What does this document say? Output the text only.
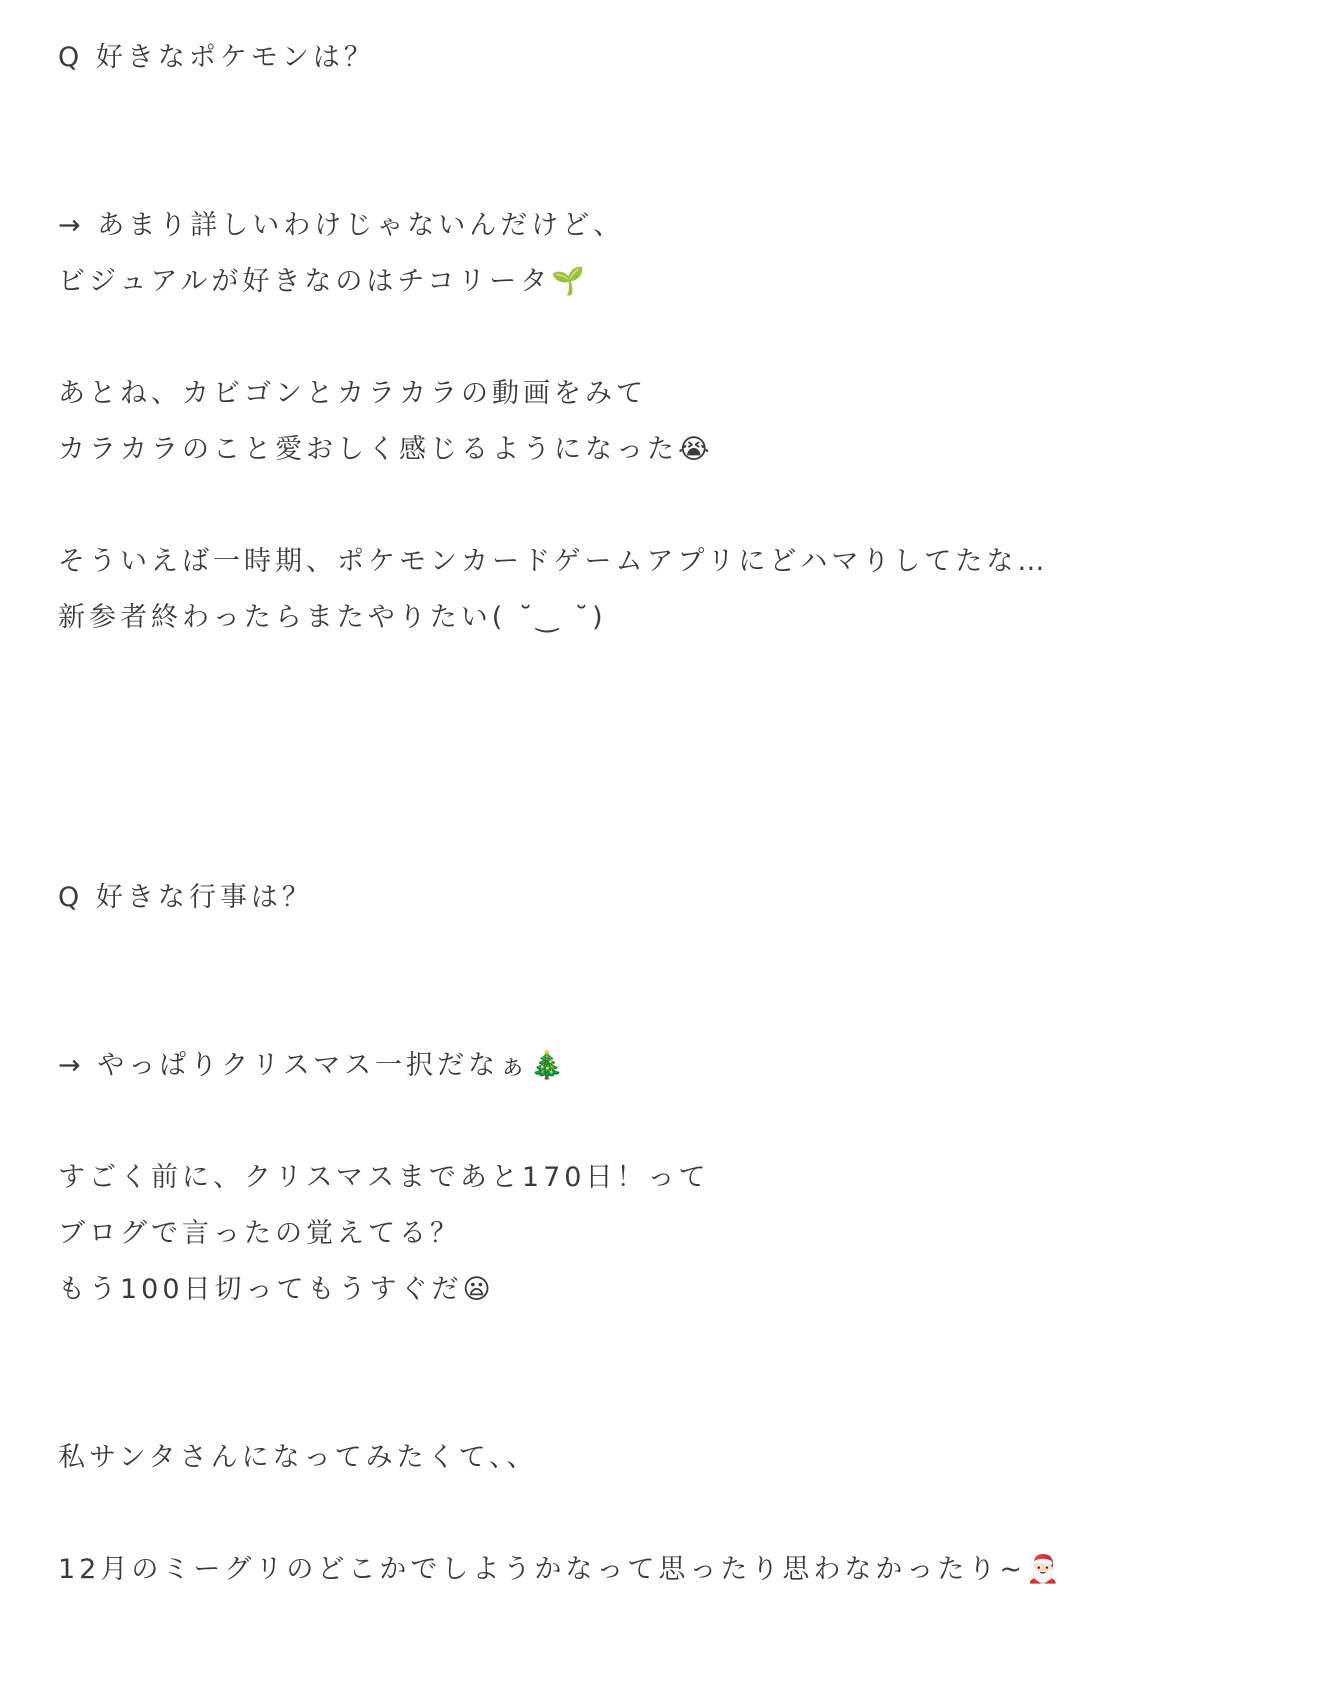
Q 好きなポケモンは？
→ あまり詳しいわけじゃないんだけど、
ビジュアルが好きなのはチコリータ🌱
あとね、カビゴンとカラカラの動画をみて
カラカラのこと愛おしく感じるようになった😭
そういえば一時期、ポケモンカードゲームアプリにどハマりしてたな…
新参者終わったらまたやりたい( ˘‿ ˘)
Q 好きな行事は？
→ やっぱりクリスマス一択だなぁ🎄
すごく前に、クリスマスまであと170日！って
ブログで言ったの覚えてる？
もう100日切ってもうすぐだ😦
私サンタさんになってみたくて、、
12月のミーグリのどこかでしようかなって思ったり思わなかったり~🎅🏻
